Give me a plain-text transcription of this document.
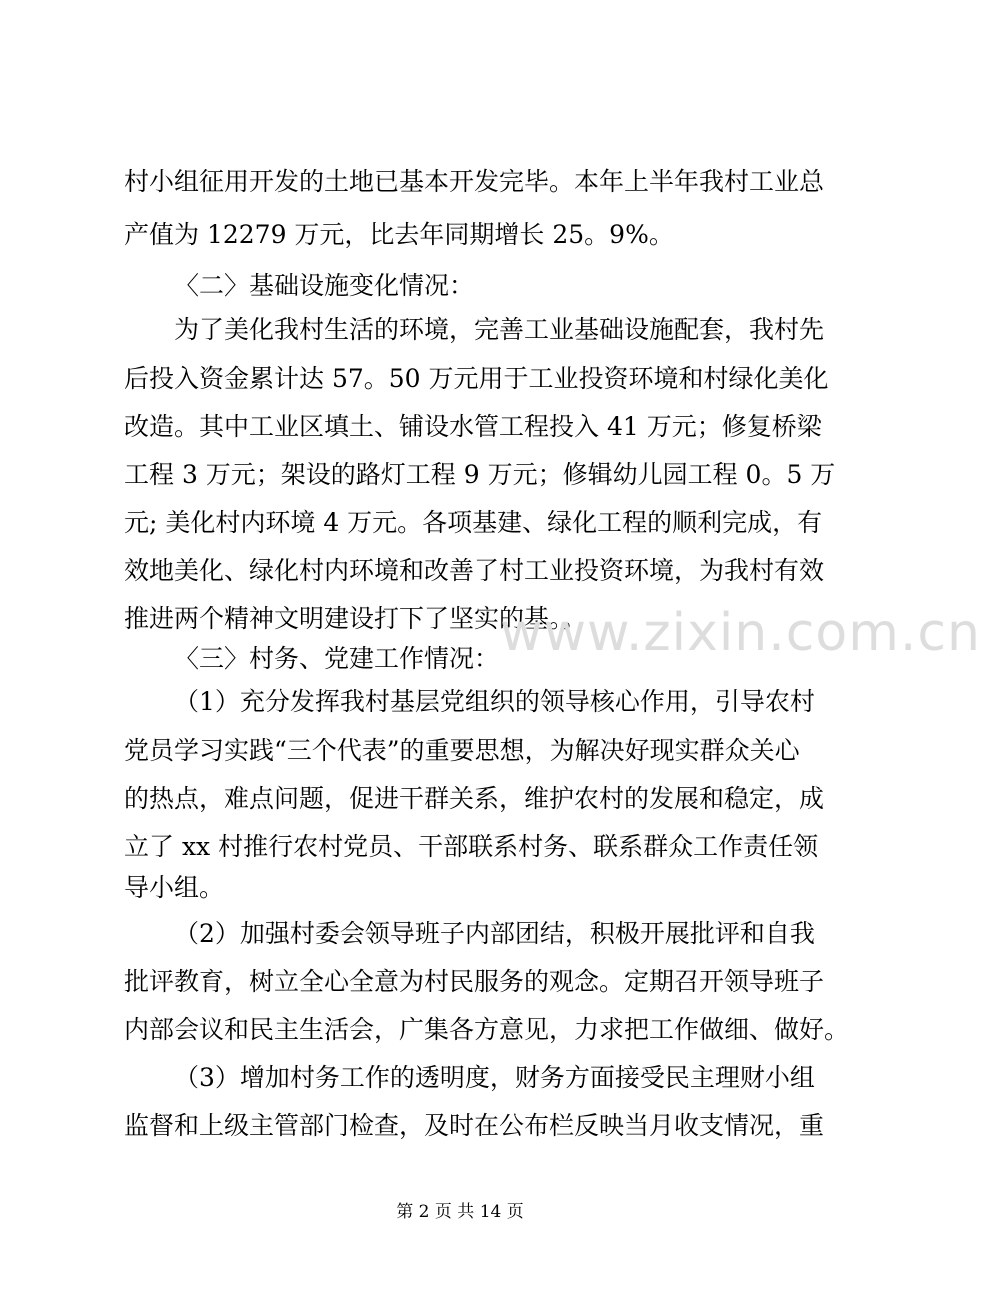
村小组征用开发的土地已基本开发完毕。本年上半年我村工业总
产值为 12279 万元，比去年同期增长 25。9%。
〈二〉基础设施变化情况：
为了美化我村生活的环境，完善工业基础设施配套，我村先
后投入资金累计达 57。50 万元用于工业投资环境和村绿化美化
改造。其中工业区填土、铺设水管工程投入 41 万元；修复桥梁
工程 3 万元；架设的路灯工程 9 万元；修辑幼儿园工程 0。5 万
元; 美化村内环境 4 万元。各项基建、绿化工程的顺利完成，有
效地美化、绿化村内环境和改善了村工业投资环境，为我村有效
推进两个精神文明建设打下了坚实的基。。
〈三〉村务、党建工作情况：
（1）充分发挥我村基层党组织的领导核心作用，引导农村
党员学习实践“三个代表”的重要思想，为解决好现实群众关心
的热点，难点问题，促进干群关系，维护农村的发展和稳定，成
立了 xx 村推行农村党员、干部联系村务、联系群众工作责任领
导小组。
（2）加强村委会领导班子内部团结，积极开展批评和自我
批评教育，树立全心全意为村民服务的观念。定期召开领导班子
内部会议和民主生活会，广集各方意见，力求把工作做细、做好。
（3）增加村务工作的透明度，财务方面接受民主理财小组
监督和上级主管部门检查，及时在公布栏反映当月收支情况，重
www.zixin.com.cn
第 2 页 共 14 页
